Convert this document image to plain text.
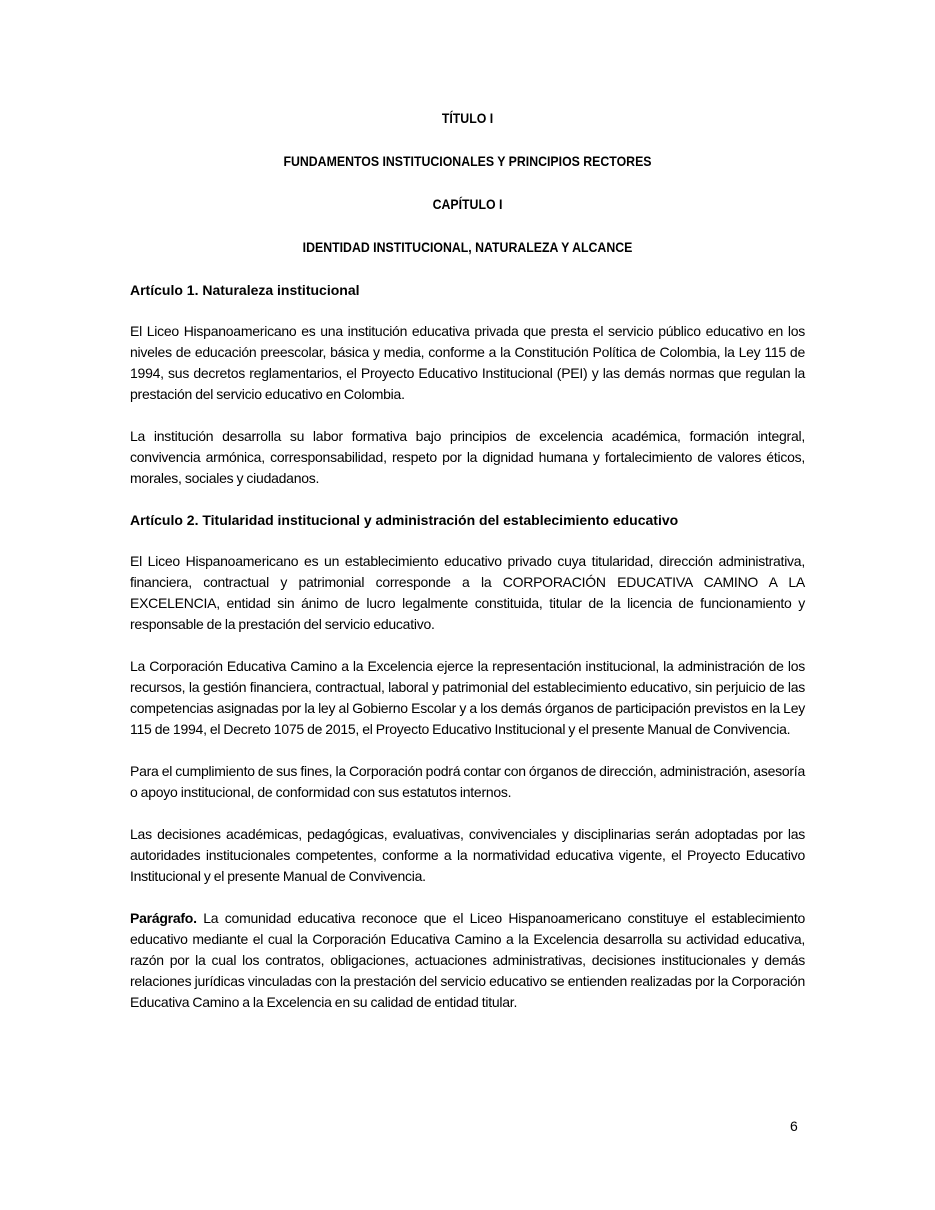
TÍTULO I
FUNDAMENTOS INSTITUCIONALES Y PRINCIPIOS RECTORES
CAPÍTULO I
IDENTIDAD INSTITUCIONAL, NATURALEZA Y ALCANCE
Artículo 1. Naturaleza institucional

El Liceo Hispanoamericano es una institución educativa privada que presta el servicio público educativo en los niveles de educación preescolar, básica y media, conforme a la Constitución Política de Colombia, la Ley 115 de 1994, sus decretos reglamentarios, el Proyecto Educativo Institucional (PEI) y las demás normas que regulan la prestación del servicio educativo en Colombia.

La institución desarrolla su labor formativa bajo principios de excelencia académica, formación integral, convivencia armónica, corresponsabilidad, respeto por la dignidad humana y fortalecimiento de valores éticos, morales, sociales y ciudadanos.

Artículo 2. Titularidad institucional y administración del establecimiento educativo

El Liceo Hispanoamericano es un establecimiento educativo privado cuya titularidad, dirección administrativa, financiera, contractual y patrimonial corresponde a la CORPORACIÓN EDUCATIVA CAMINO A LA EXCELENCIA, entidad sin ánimo de lucro legalmente constituida, titular de la licencia de funcionamiento y responsable de la prestación del servicio educativo.

La Corporación Educativa Camino a la Excelencia ejerce la representación institucional, la administración de los recursos, la gestión financiera, contractual, laboral y patrimonial del establecimiento educativo, sin perjuicio de las competencias asignadas por la ley al Gobierno Escolar y a los demás órganos de participación previstos en la Ley 115 de 1994, el Decreto 1075 de 2015, el Proyecto Educativo Institucional y el presente Manual de Convivencia.

Para el cumplimiento de sus fines, la Corporación podrá contar con órganos de dirección, administración, asesoría o apoyo institucional, de conformidad con sus estatutos internos.

Las decisiones académicas, pedagógicas, evaluativas, convivenciales y disciplinarias serán adoptadas por las autoridades institucionales competentes, conforme a la normatividad educativa vigente, el Proyecto Educativo Institucional y el presente Manual de Convivencia.

Parágrafo. La comunidad educativa reconoce que el Liceo Hispanoamericano constituye el establecimiento educativo mediante el cual la Corporación Educativa Camino a la Excelencia desarrolla su actividad educativa, razón por la cual los contratos, obligaciones, actuaciones administrativas, decisiones institucionales y demás relaciones jurídicas vinculadas con la prestación del servicio educativo se entienden realizadas por la Corporación Educativa Camino a la Excelencia en su calidad de entidad titular.

6
